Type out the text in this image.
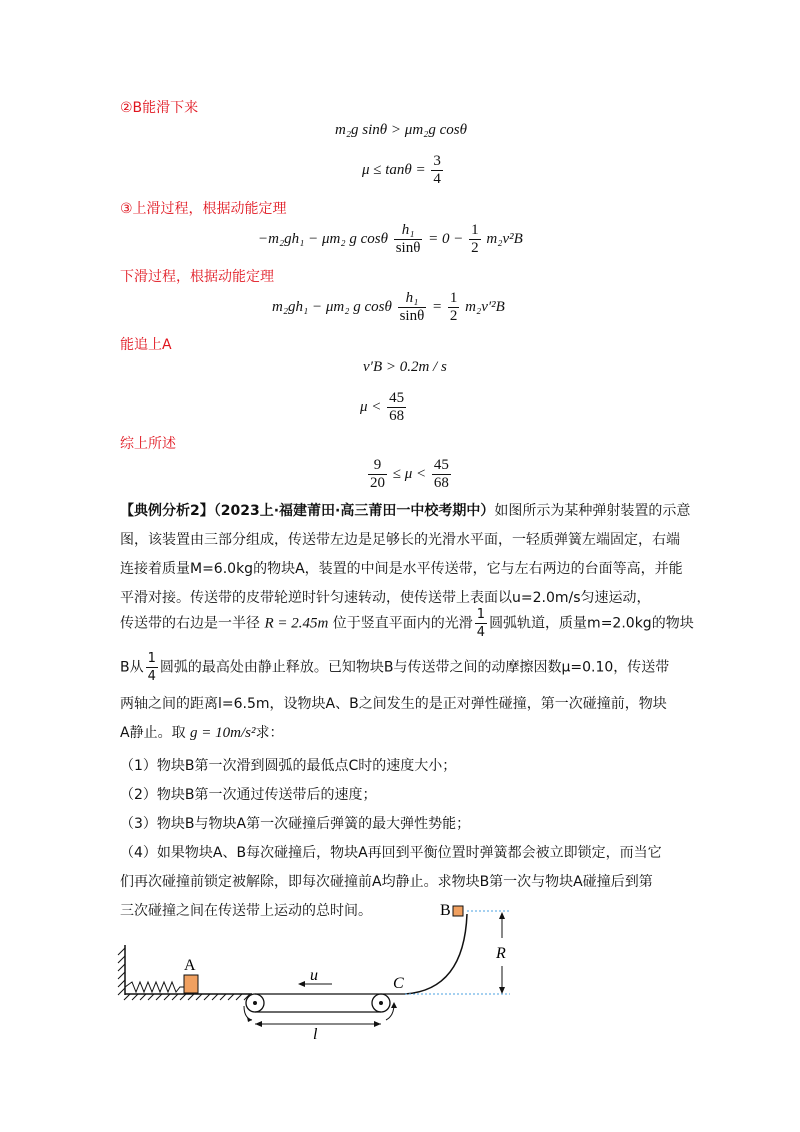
②B能滑下来
m₂g sinθ > μm₂g cosθ
$\mu \le \tan\theta = \frac{3}{4}$
③上滑过程，根据动能定理
−m₂gh₁ − μm₂ g cosθ $\frac{\text{h₁}}{\sin\theta} = 0 - \frac{1}{2} m_2v^2B$
下滑过程，根据动能定理
m₂gh₁ − μm₂ g cosθ $\frac{\text{h₁}}{\sin\theta} = \frac{1}{2} m_2v'^2B$
能追上A
v′B > 0.2m / s
$\mu < \frac{45}{68}$
综上所述
$\frac{9}{20} \le \mu < \frac{45}{68}$
【典例分析2】（2023上·福建莆田·高三莆田一中校考期中）如图所示为某种弹射装置的示意图，该装置由三部分组成，传送带左边是足够长的光滑水平面，一轻质弹簧左端固定，右端连接着质量M=6.0kg的物块A，装置的中间是水平传送带，它与左右两边的台面等高，并能平滑对接。传送带的皮带轮逆时针匀速转动，使传送带上表面以u=2.0m/s匀速运动，
传送带的右边是一半径 R = 2.45m 位于竖直平面内的光滑 $\frac{1}{4}$ 圆弧轨道，质量m=2.0kg的物块
B从 $\frac{1}{4}$ 圆弧的最高处由静止释放。已知物块B与传送带之间的动摩擦因数μ=0.10，传送带
两轴之间的距离l=6.5m，设物块A、B之间发生的是正对弹性碰撞，第一次碰撞前，物块
A静止。取 g = 10m/s²求：
（1）物块B第一次滑到圆弧的最低点C时的速度大小；
（2）物块B第一次通过传送带后的速度；
（3）物块B与物块A第一次碰撞后弹簧的最大弹性势能；
（4）如果物块A、B每次碰撞后，物块A再回到平衡位置时弹簧都会被立即锁定，而当它
们再次碰撞前锁定被解除，即每次碰撞前A均静止。求物块B第一次与物块A碰撞后到第
三次碰撞之间在传送带上运动的总时间。
A
u
l
C
B
R
